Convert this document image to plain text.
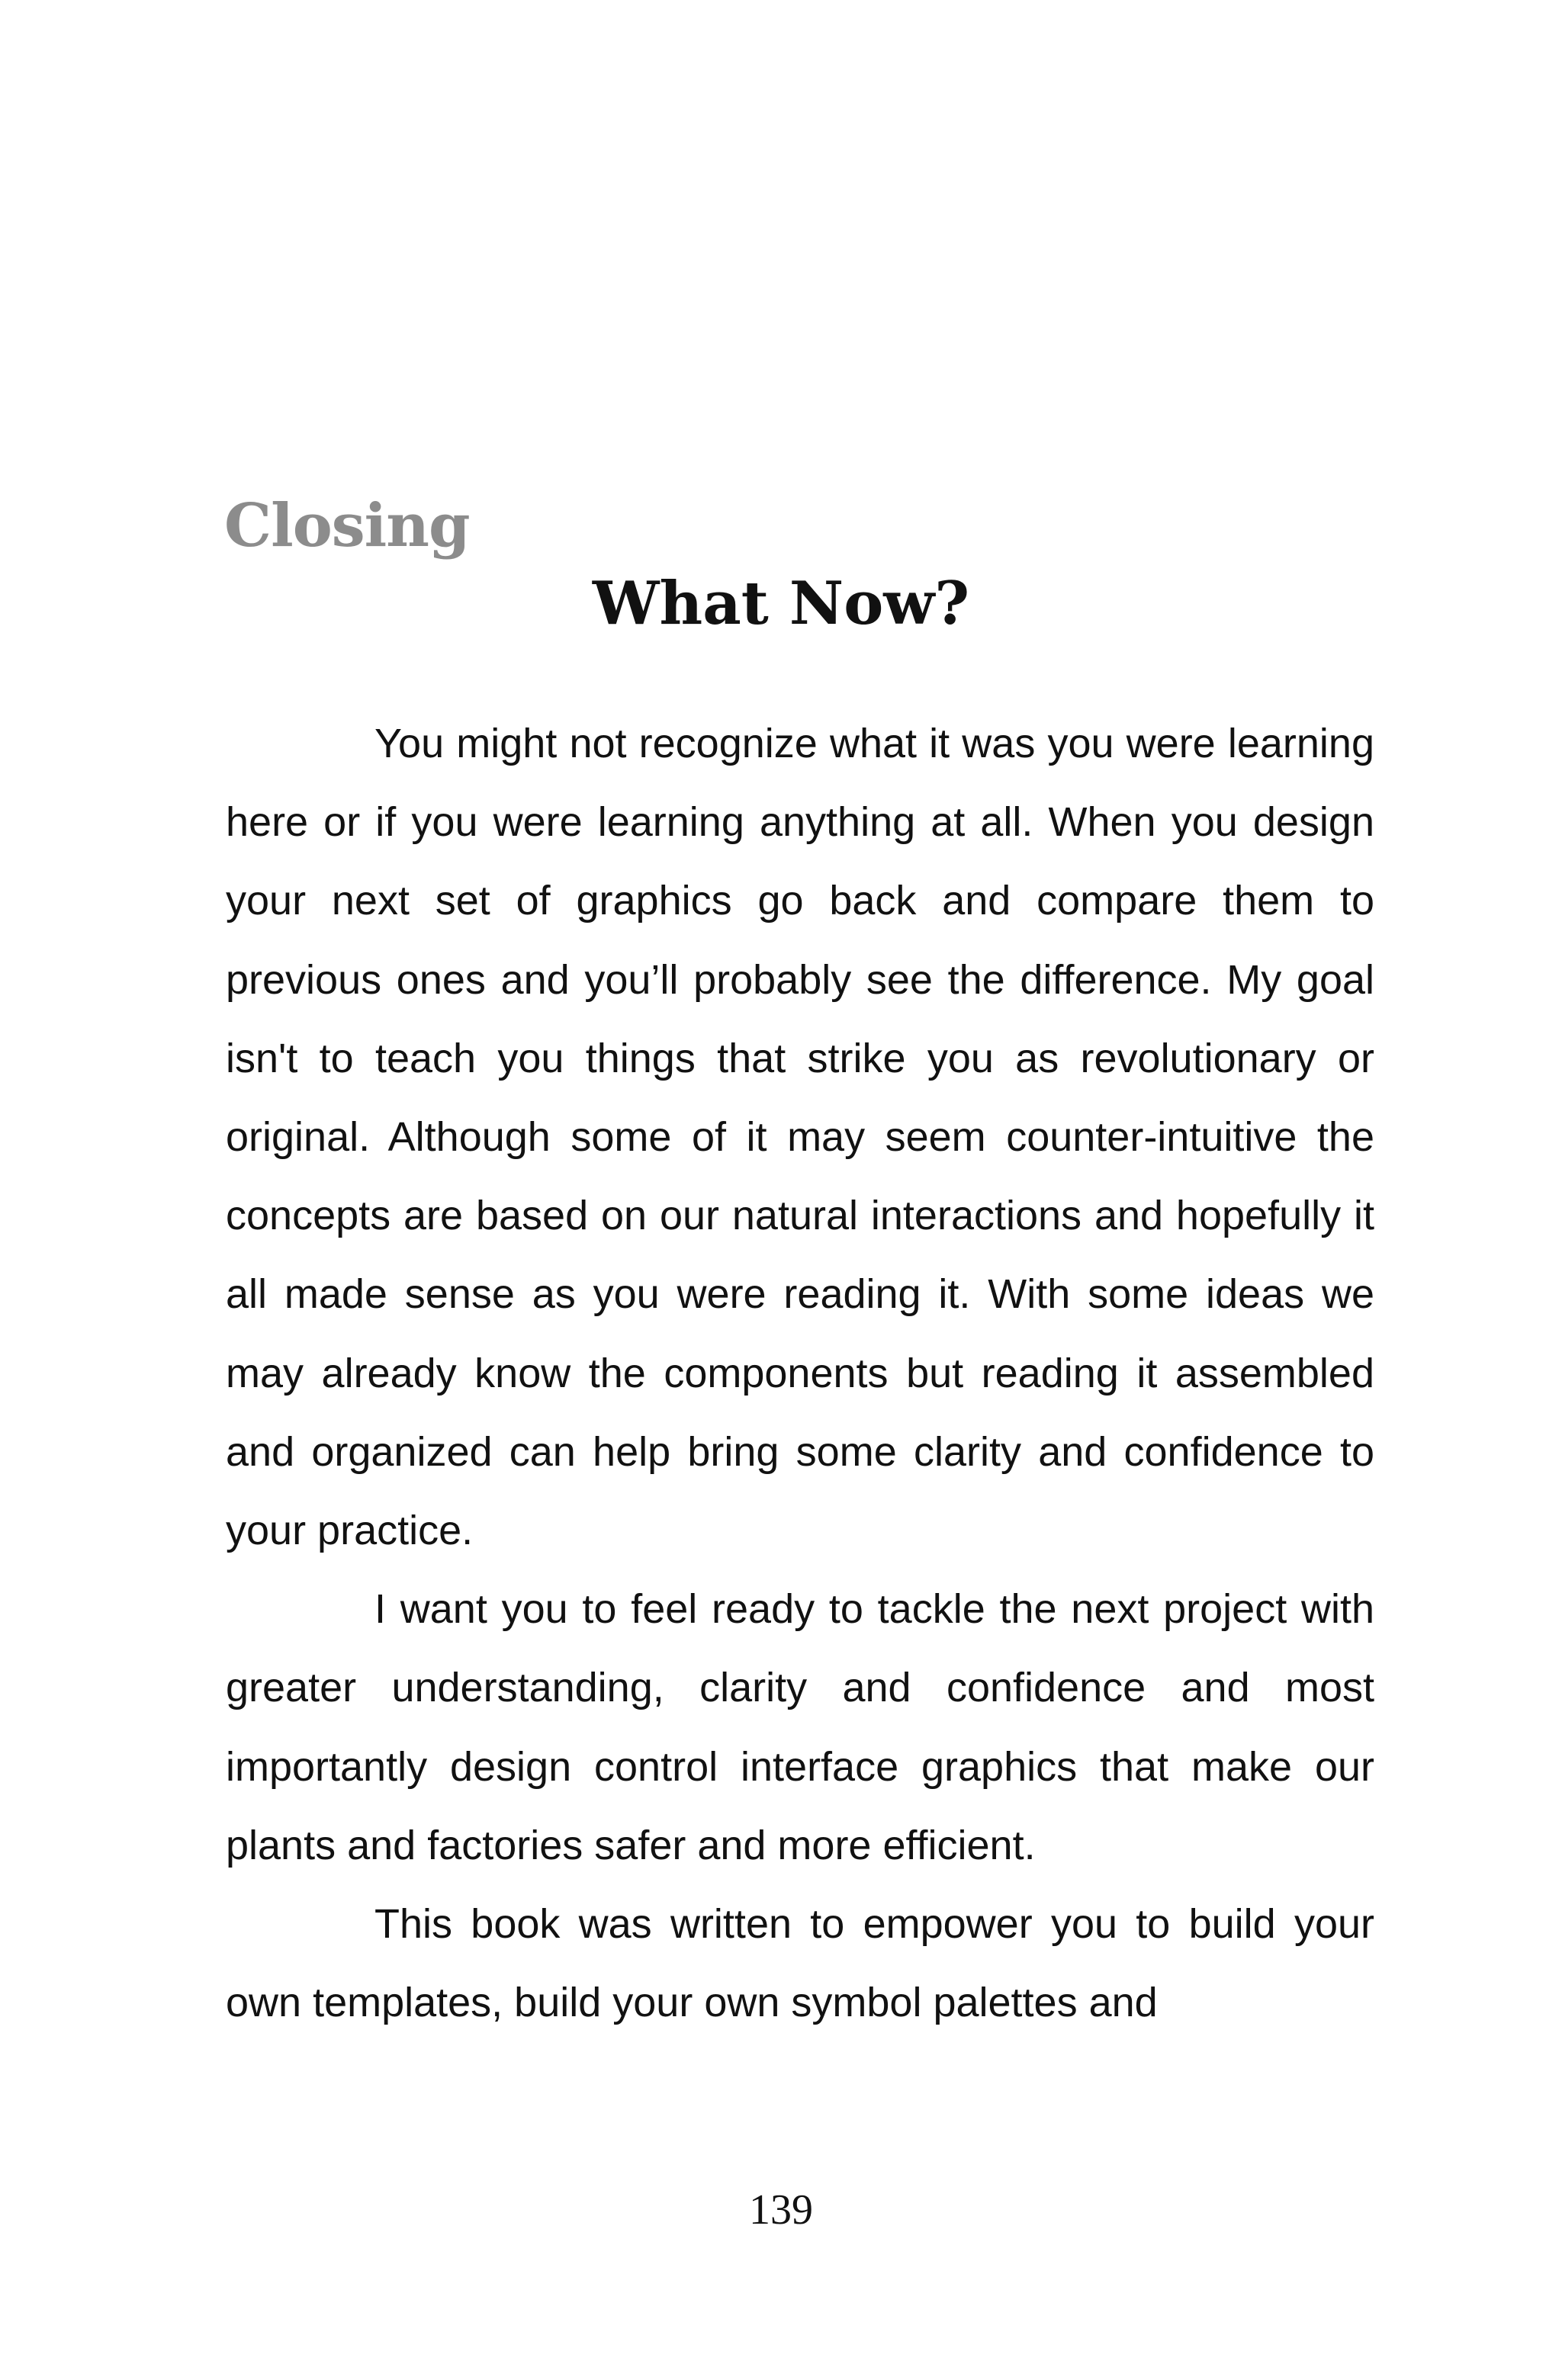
Closing
What Now?

You might not recognize what it was you were learning here or if you were learning anything at all. When you design your next set of graphics go back and compare them to previous ones and you’ll probably see the difference. My goal isn't to teach you things that strike you as revolutionary or original. Although some of it may seem counter-intuitive the concepts are based on our natural interactions and hopefully it all made sense as you were reading it. With some ideas we may already know the components but reading it assembled and organized can help bring some clarity and confidence to your practice.

I want you to feel ready to tackle the next project with greater understanding, clarity and confidence and most importantly design control interface graphics that make our plants and factories safer and more efficient.

This book was written to empower you to build your own templates, build your own symbol palettes and

139
